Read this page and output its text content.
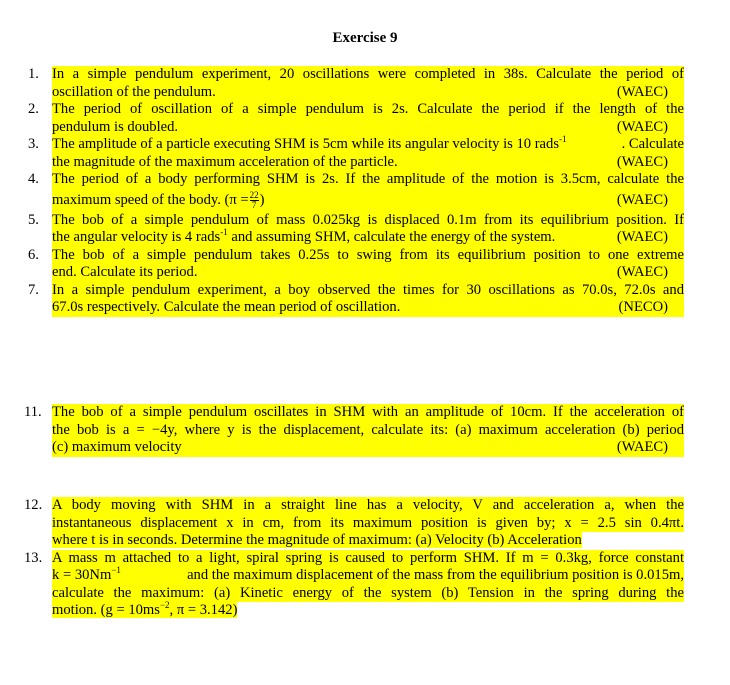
Exercise 9
1. In a simple pendulum experiment, 20 oscillations were completed in 38s. Calculate the period of
oscillation of the pendulum.	(WAEC)
2. The period of oscillation of a simple pendulum is 2s. Calculate the period if the length of the
pendulum is doubled.	(WAEC)
3. The amplitude of a particle executing SHM is 5cm while its angular velocity is 10 rads$^{-1}$	. Calculate
the magnitude of the maximum acceleration of the particle.	(WAEC)
4. The period of a body performing SHM is 2s. If the amplitude of the motion is 3.5cm, calculate the
maximum speed of the body. ($\pi = \frac{22}{7}$ )	(WAEC)
5. The bob of a simple pendulum of mass 0.025kg is displaced 0.1m from its equilibrium position. If
the angular velocity is 4 rads$^{-1}$ and assuming SHM, calculate the energy of the system.	(WAEC)
6. The bob of a simple pendulum takes 0.25s to swing from its equilibrium position to one extreme
end. Calculate its period.	(WAEC)
7. In a simple pendulum experiment, a boy observed the times for 30 oscillations as 70.0s, 72.0s and
67.0s respectively. Calculate the mean period of oscillation.	(NECO)
11. The bob of a simple pendulum oscillates in SHM with an amplitude of 10cm. If the acceleration of
the bob is a = −4y, where y is the displacement, calculate its: (a) maximum acceleration (b) period
(c) maximum velocity	(WAEC)
12. A body moving with SHM in a straight line has a velocity, V and acceleration a, when the
instantaneous displacement x in cm, from its maximum position is given by; x = 2.5 sin 0.4πt.
where t is in seconds. Determine the magnitude of maximum: (a) Velocity (b) Acceleration
13. A mass m attached to a light, spiral spring is caused to perform SHM. If m = 0.3kg, force constant
$k = 30Nm^{-1}$	and the maximum displacement of the mass from the equilibrium position is 0.015m,
calculate the maximum: (a) Kinetic energy of the system (b) Tension in the spring during the
motion. ($g = 10ms^{-2}$, π = 3.142)
